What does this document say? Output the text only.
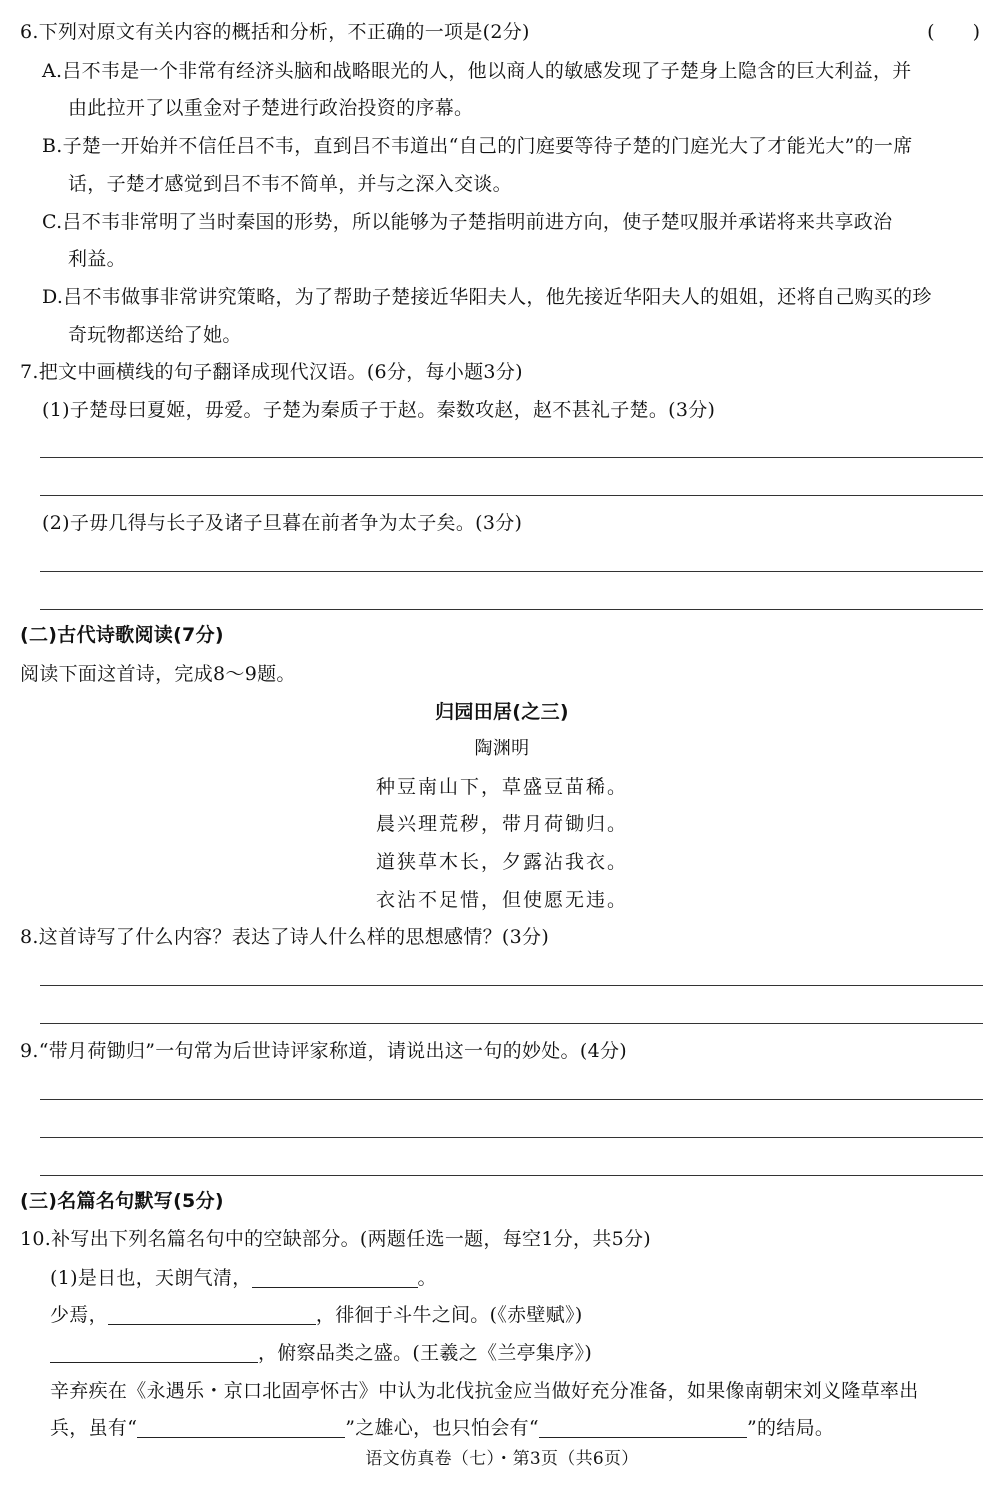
6.下列对原文有关内容的概括和分析，不正确的一项是(2分)	(　　)
A.吕不韦是一个非常有经济头脑和战略眼光的人，他以商人的敏感发现了子楚身上隐含的巨大利益，并
由此拉开了以重金对子楚进行政治投资的序幕。
B.子楚一开始并不信任吕不韦，直到吕不韦道出“自己的门庭要等待子楚的门庭光大了才能光大”的一席
话，子楚才感觉到吕不韦不简单，并与之深入交谈。
C.吕不韦非常明了当时秦国的形势，所以能够为子楚指明前进方向，使子楚叹服并承诺将来共享政治
利益。
D.吕不韦做事非常讲究策略，为了帮助子楚接近华阳夫人，他先接近华阳夫人的姐姐，还将自己购买的珍
奇玩物都送给了她。
7.把文中画横线的句子翻译成现代汉语。(6分，每小题3分)
(1)子楚母曰夏姬，毋爱。子楚为秦质子于赵。秦数攻赵，赵不甚礼子楚。(3分)
(2)子毋几得与长子及诸子旦暮在前者争为太子矣。(3分)
(二)古代诗歌阅读(7分)
阅读下面这首诗，完成8～9题。
归园田居(之三)
陶渊明
种豆南山下，草盛豆苗稀。
晨兴理荒秽，带月荷锄归。
道狭草木长，夕露沾我衣。
衣沾不足惜，但使愿无违。
8.这首诗写了什么内容？表达了诗人什么样的思想感情？(3分)
9.“带月荷锄归”一句常为后世诗评家称道，请说出这一句的妙处。(4分)
(三)名篇名句默写(5分)
10.补写出下列名篇名句中的空缺部分。(两题任选一题，每空1分，共5分)
(1)是日也，天朗气清，	。
少焉，	，徘徊于斗牛之间。(《赤壁赋》)
，俯察品类之盛。(王羲之《兰亭集序》)
辛弃疾在《永遇乐・京口北固亭怀古》中认为北伐抗金应当做好充分准备，如果像南朝宋刘义隆草率出
兵，虽有“	”之雄心，也只怕会有“	”的结局。
语文仿真卷（七）・第3页（共6页）
